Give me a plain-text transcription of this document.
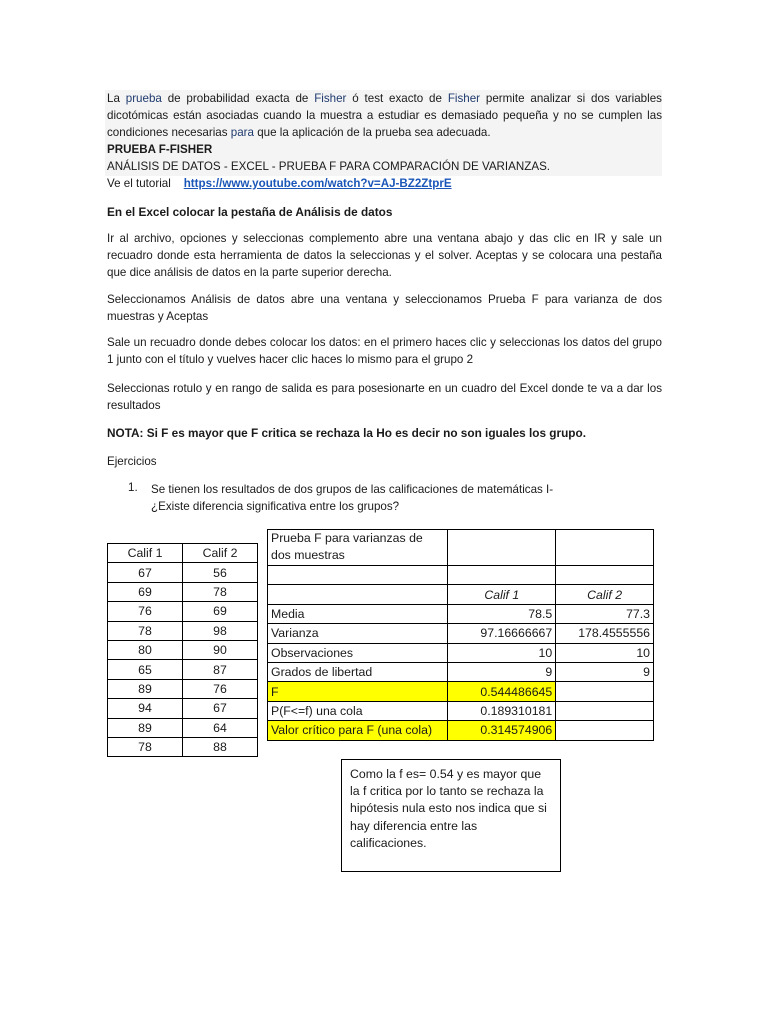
La prueba de probabilidad exacta de Fisher ó test exacto de Fisher permite analizar si dos variables dicotómicas están asociadas cuando la muestra a estudiar es demasiado pequeña y no se cumplen las condiciones necesarias para que la aplicación de la prueba sea adecuada.
PRUEBA F-FISHER
ANÁLISIS DE DATOS - EXCEL - PRUEBA F PARA COMPARACIÓN DE VARIANZAS.
Ve el tutorial https://www.youtube.com/watch?v=AJ-BZ2ZtprE
En el Excel colocar la pestaña de Análisis de datos
Ir al archivo, opciones y seleccionas complemento abre una ventana abajo y das clic en IR y sale un recuadro donde esta herramienta de datos la seleccionas y el solver. Aceptas y se colocara una pestaña que dice análisis de datos en la parte superior derecha.
Seleccionamos Análisis de datos abre una ventana y seleccionamos Prueba F para varianza de dos muestras y Aceptas
Sale un recuadro donde debes colocar los datos: en el primero haces clic y seleccionas los datos del grupo 1 junto con el título y vuelves hacer clic haces lo mismo para el grupo 2
Seleccionas rotulo y en rango de salida es para posesionarte en un cuadro del Excel donde te va a dar los resultados
NOTA: Si F es mayor que F critica se rechaza la Ho es decir no son iguales los grupo.
Ejercicios
1. Se tienen los resultados de dos grupos de las calificaciones de matemáticas I- ¿Existe diferencia significativa entre los grupos?
Calif 1	Calif 2
67	56
69	78
76	69
78	98
80	90
65	87
89	76
94	67
89	64
78	88
Prueba F para varianzas de dos muestras		

	Calif 1	Calif 2
Media	78.5	77.3
Varianza	97.16666667	178.4555556
Observaciones	10	10
Grados de libertad	9	9
F	0.544486645	
P(F<=f) una cola	0.189310181	
Valor crítico para F (una cola)	0.314574906	
Como la f es= 0.54 y es mayor que la f critica por lo tanto se rechaza la hipótesis nula esto nos indica que si hay diferencia entre las calificaciones.
